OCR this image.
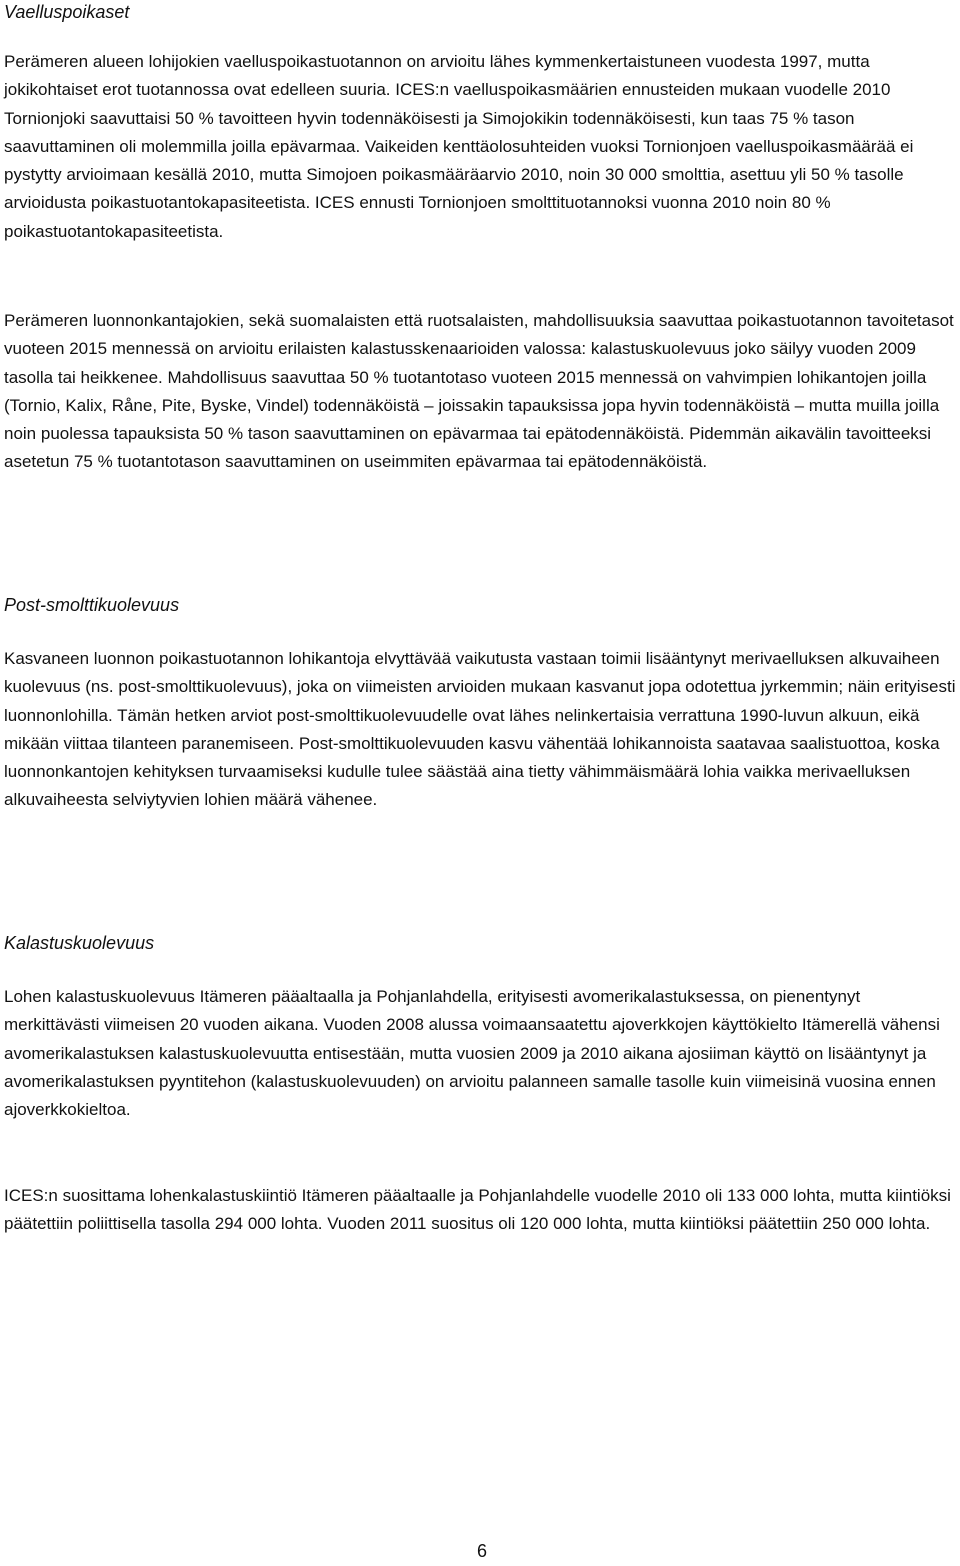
Vaelluspoikaset

Perämeren alueen lohijokien vaelluspoikastuotannon on arvioitu lähes kymmenkertaistuneen vuodesta 1997, mutta jokikohtaiset erot tuotannossa ovat edelleen suuria. ICES:n vaelluspoikasmäärien ennusteiden mukaan vuodelle 2010 Tornionjoki saavuttaisi 50 % tavoitteen hyvin todennäköisesti ja Simojokikin todennäköisesti, kun taas 75 % tason saavuttaminen oli molemmilla joilla epävarmaa. Vaikeiden kenttäolosuhteiden vuoksi Tornionjoen vaelluspoikasmäärää ei pystytty arvioimaan kesällä 2010, mutta Simojoen poikasmääräarvio 2010, noin 30 000 smolttia, asettuu yli 50 % tasolle arvioidusta poikastuotantokapasiteetista. ICES ennusti Tornionjoen smolttituotannoksi vuonna 2010 noin 80 % poikastuotantokapasiteetista.

Perämeren luonnonkantajokien, sekä suomalaisten että ruotsalaisten, mahdollisuuksia saavuttaa poikastuotannon tavoitetasot vuoteen 2015 mennessä on arvioitu erilaisten kalastusskenaarioiden valossa: kalastuskuolevuus joko säilyy vuoden 2009 tasolla tai heikkenee. Mahdollisuus saavuttaa 50 % tuotantotaso vuoteen 2015 mennessä on vahvimpien lohikantojen joilla (Tornio, Kalix, Råne, Pite, Byske, Vindel) todennäköistä – joissakin tapauksissa jopa hyvin todennäköistä – mutta muilla joilla noin puolessa tapauksista 50 % tason saavuttaminen on epävarmaa tai epätodennäköistä. Pidemmän aikavälin tavoitteeksi asetetun 75 % tuotantotason saavuttaminen on useimmiten epävarmaa tai epätodennäköistä.

Post-smolttikuolevuus

Kasvaneen luonnon poikastuotannon lohikantoja elvyttävää vaikutusta vastaan toimii lisääntynyt merivaelluksen alkuvaiheen kuolevuus (ns. post-smolttikuolevuus), joka on viimeisten arvioiden mukaan kasvanut jopa odotettua jyrkemmin; näin erityisesti luonnonlohilla. Tämän hetken arviot post-smolttikuolevuudelle ovat lähes nelinkertaisia verrattuna 1990-luvun alkuun, eikä mikään viittaa tilanteen paranemiseen. Post-smolttikuolevuuden kasvu vähentää lohikannoista saatavaa saalistuottoa, koska luonnonkantojen kehityksen turvaamiseksi kudulle tulee säästää aina tietty vähimmäismäärä lohia vaikka merivaelluksen alkuvaiheesta selviytyvien lohien määrä vähenee.

Kalastuskuolevuus

Lohen kalastuskuolevuus Itämeren pääaltaalla ja Pohjanlahdella, erityisesti avomerikalastuksessa, on pienentynyt merkittävästi viimeisen 20 vuoden aikana. Vuoden 2008 alussa voimaansaatettu ajoverkkojen käyttökielto Itämerellä vähensi avomerikalastuksen kalastuskuolevuutta entisestään, mutta vuosien 2009 ja 2010 aikana ajosiiman käyttö on lisääntynyt ja avomerikalastuksen pyyntitehon (kalastuskuolevuuden) on arvioitu palanneen samalle tasolle kuin viimeisinä vuosina ennen ajoverkkokieltoa.

ICES:n suosittama lohenkalastuskiintiö Itämeren pääaltaalle ja Pohjanlahdelle vuodelle 2010 oli 133 000 lohta, mutta kiintiöksi päätettiin poliittisella tasolla 294 000 lohta. Vuoden 2011 suositus oli 120 000 lohta, mutta kiintiöksi päätettiin 250 000 lohta.

6
